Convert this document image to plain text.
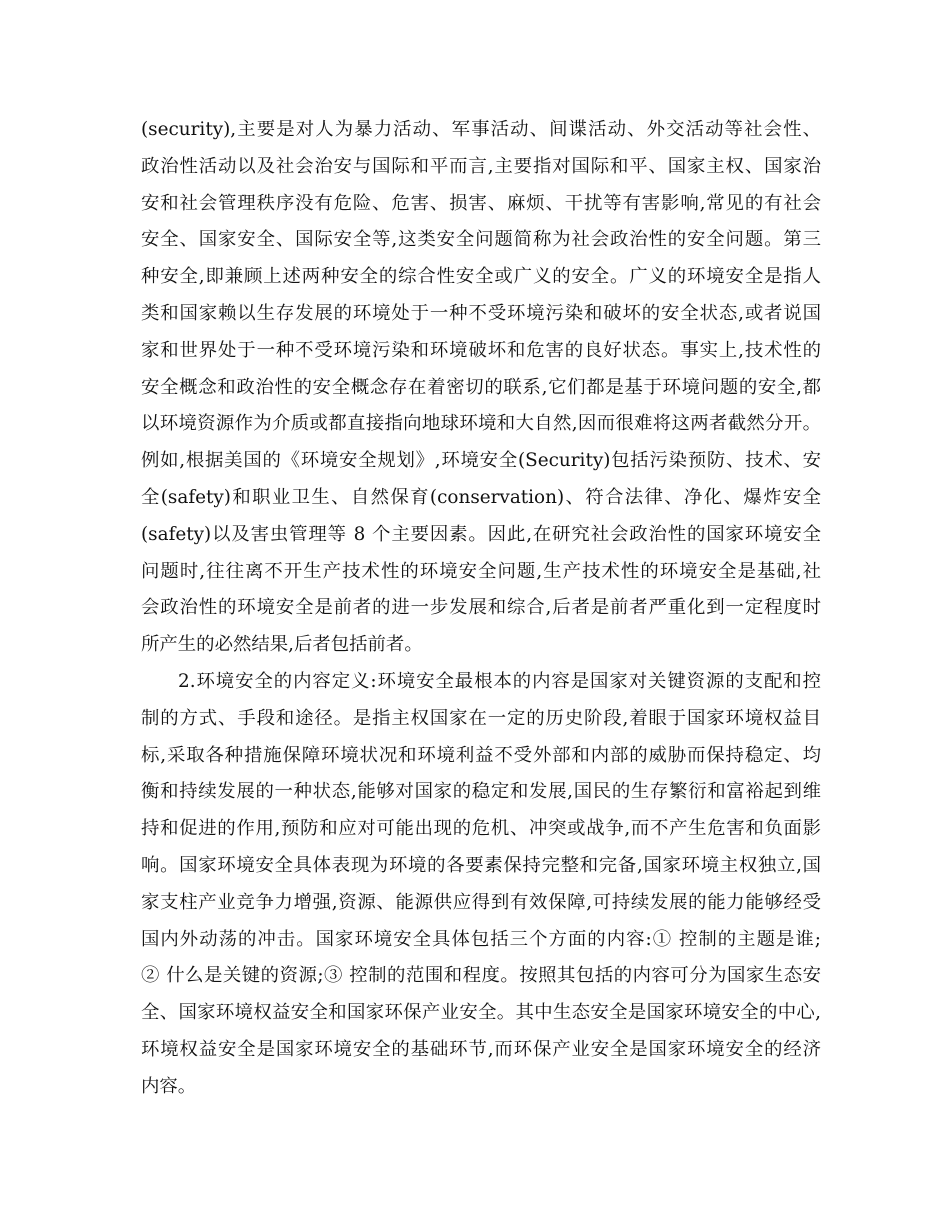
(security),主要是对人为暴力活动、军事活动、间谍活动、外交活动等社会性、
政治性活动以及社会治安与国际和平而言,主要指对国际和平、国家主权、国家治
安和社会管理秩序没有危险、危害、损害、麻烦、干扰等有害影响,常见的有社会
安全、国家安全、国际安全等,这类安全问题简称为社会政治性的安全问题。第三
种安全,即兼顾上述两种安全的综合性安全或广义的安全。广义的环境安全是指人
类和国家赖以生存发展的环境处于一种不受环境污染和破坏的安全状态,或者说国
家和世界处于一种不受环境污染和环境破坏和危害的良好状态。事实上,技术性的
安全概念和政治性的安全概念存在着密切的联系,它们都是基于环境问题的安全,都
以环境资源作为介质或都直接指向地球环境和大自然,因而很难将这两者截然分开。
例如,根据美国的《环境安全规划》,环境安全(Security)包括污染预防、技术、安
全(safety)和职业卫生、自然保育(conservation)、符合法律、净化、爆炸安全
(safety)以及害虫管理等 8 个主要因素。因此,在研究社会政治性的国家环境安全
问题时,往往离不开生产技术性的环境安全问题,生产技术性的环境安全是基础,社
会政治性的环境安全是前者的进一步发展和综合,后者是前者严重化到一定程度时
所产生的必然结果,后者包括前者。
2.环境安全的内容定义:环境安全最根本的内容是国家对关键资源的支配和控
制的方式、手段和途径。是指主权国家在一定的历史阶段,着眼于国家环境权益目
标,采取各种措施保障环境状况和环境利益不受外部和内部的威胁而保持稳定、均
衡和持续发展的一种状态,能够对国家的稳定和发展,国民的生存繁衍和富裕起到维
持和促进的作用,预防和应对可能出现的危机、冲突或战争,而不产生危害和负面影
响。国家环境安全具体表现为环境的各要素保持完整和完备,国家环境主权独立,国
家支柱产业竞争力增强,资源、能源供应得到有效保障,可持续发展的能力能够经受
国内外动荡的冲击。国家环境安全具体包括三个方面的内容:① 控制的主题是谁;
② 什么是关键的资源;③ 控制的范围和程度。按照其包括的内容可分为国家生态安
全、国家环境权益安全和国家环保产业安全。其中生态安全是国家环境安全的中心,
环境权益安全是国家环境安全的基础环节,而环保产业安全是国家环境安全的经济
内容。
